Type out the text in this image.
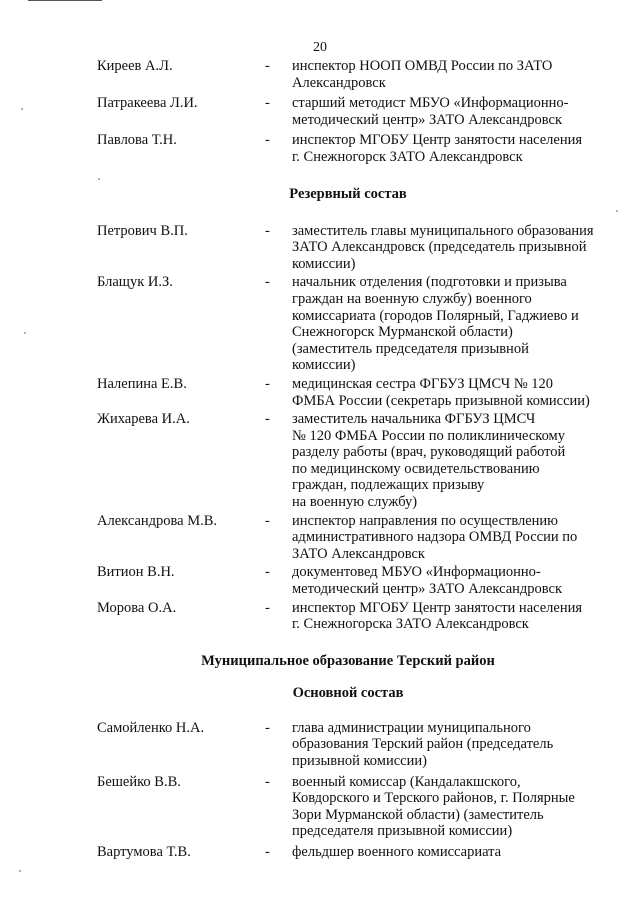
20
Киреев А.Л.	- инспектор НООП ОМВД России по ЗАТО
Александровск
Патракеева Л.И.	- старший методист МБУО «Информационно-
методический центр» ЗАТО Александровск
Павлова Т.Н.	- инспектор МГОБУ Центр занятости населения
г. Снежногорск ЗАТО Александровск
Резервный состав
Петрович В.П.	- заместитель главы муниципального образования
ЗАТО Александровск (председатель призывной
комиссии)
Блащук И.З.	- начальник отделения (подготовки и призыва
граждан на военную службу) военного
комиссариата (городов Полярный, Гаджиево и
Снежногорск Мурманской области)
(заместитель председателя призывной
комиссии)
Налепина Е.В.	- медицинская сестра ФГБУЗ ЦМСЧ № 120
ФМБА России (секретарь призывной комиссии)
Жихарева И.А.	- заместитель начальника ФГБУЗ ЦМСЧ
№ 120 ФМБА России по поликлиническому
разделу работы (врач, руководящий работой
по медицинскому освидетельствованию
граждан, подлежащих призыву
на военную службу)
Александрова М.В.	- инспектор направления по осуществлению
административного надзора ОМВД России по
ЗАТО Александровск
Витион В.Н.	- документовед МБУО «Информационно-
методический центр» ЗАТО Александровск
Морова О.А.	- инспектор МГОБУ Центр занятости населения
г. Снежногорска ЗАТО Александровск
Муниципальное образование Терский район
Основной состав
Самойленко Н.А.	- глава администрации муниципального
образования Терский район (председатель
призывной комиссии)
Бешейко В.В.	- военный комиссар (Кандалакшского,
Ковдорского и Терского районов, г. Полярные
Зори Мурманской области) (заместитель
председателя призывной комиссии)
Вартумова Т.В.	- фельдшер военного комиссариата
